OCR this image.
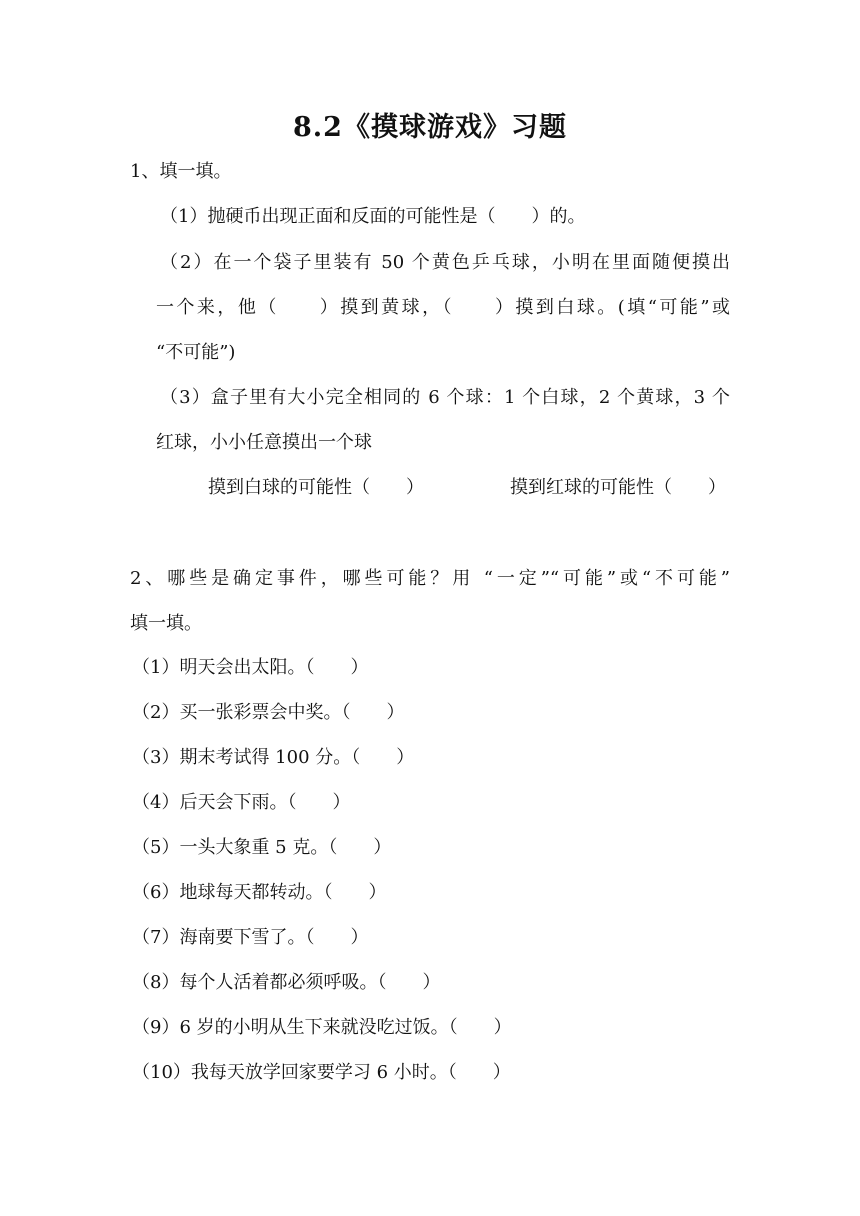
8.2《摸球游戏》习题
1、填一填。
（1）抛硬币出现正面和反面的可能性是（　　）的。
（2）在一个袋子里装有 50 个黄色乒乓球，小明在里面随便摸出
一个来，他（　　）摸到黄球，（　　）摸到白球。(填“可能”或
“不可能”)
（3）盒子里有大小完全相同的 6 个球：1 个白球，2 个黄球，3 个
红球，小小任意摸出一个球
摸到白球的可能性（　　）	摸到红球的可能性（　　）
2、哪些是确定事件，哪些可能？用 “一定”“可能”或“不可能”
填一填。
（1）明天会出太阳。（　　）
（2）买一张彩票会中奖。（　　）
（3）期末考试得 100 分。（　　）
（4）后天会下雨。（　　）
（5）一头大象重 5 克。（　　）
（6）地球每天都转动。（　　）
（7）海南要下雪了。（　　）
（8）每个人活着都必须呼吸。（　　）
（9）6 岁的小明从生下来就没吃过饭。（　　）
（10）我每天放学回家要学习 6 小时。（　　）
